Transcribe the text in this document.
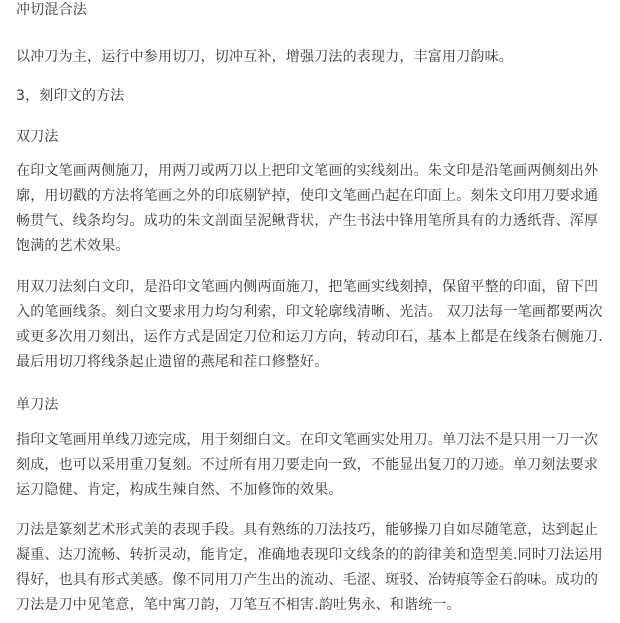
冲切混合法
以冲刀为主，运行中参用切刀，切冲互补，增强刀法的表现力，丰富用刀韵味。
3，刻印文的方法
双刀法
在印文笔画两侧施刀，用两刀或两刀以上把印文笔画的实线刻出。朱文印是沿笔画两侧刻出外
廓，用切戳的方法将笔画之外的印底剔铲掉，使印文笔画凸起在印面上。刻朱文印用刀要求通
畅贯气、线条均匀。成功的朱文剖面呈泥鳅背状，产生书法中锋用笔所具有的力透纸背、浑厚
饱满的艺术效果。
用双刀法刻白文印，是沿印文笔画内侧两面施刀，把笔画实线刻掉，保留平整的印面，留下凹
入的笔画线条。刻白文要求用力均匀利索，印文轮廓线清晰、光洁。 双刀法每一笔画都要两次
或更多次用刀刻出，运作方式是固定刀位和运刀方向，转动印石，基本上都是在线条右侧施刀.
最后用切刀将线条起止遗留的燕尾和茬口修整好。
单刀法
指印文笔画用单线刀迹完成，用于刻细白文。在印文笔画实处用刀。单刀法不是只用一刀一次
刻成，也可以采用重刀复刻。不过所有用刀要走向一致，不能显出复刀的刀迹。单刀刻法要求
运刀隐健、肯定，构成生辣自然、不加修饰的效果。
刀法是篆刻艺术形式美的表现手段。具有熟练的刀法技巧，能够操刀自如尽随笔意，达到起止
凝重、达刀流畅、转折灵动，能肯定，准确地表现印文线条的的韵律美和造型美.同时刀法运用
得好，也具有形式美感。像不同用刀产生出的流动、毛涩、斑驳、冶铸痕等金石韵味。成功的
刀法是刀中见笔意，笔中寓刀韵，刀笔互不相害.韵吐隽永、和谐统一。
